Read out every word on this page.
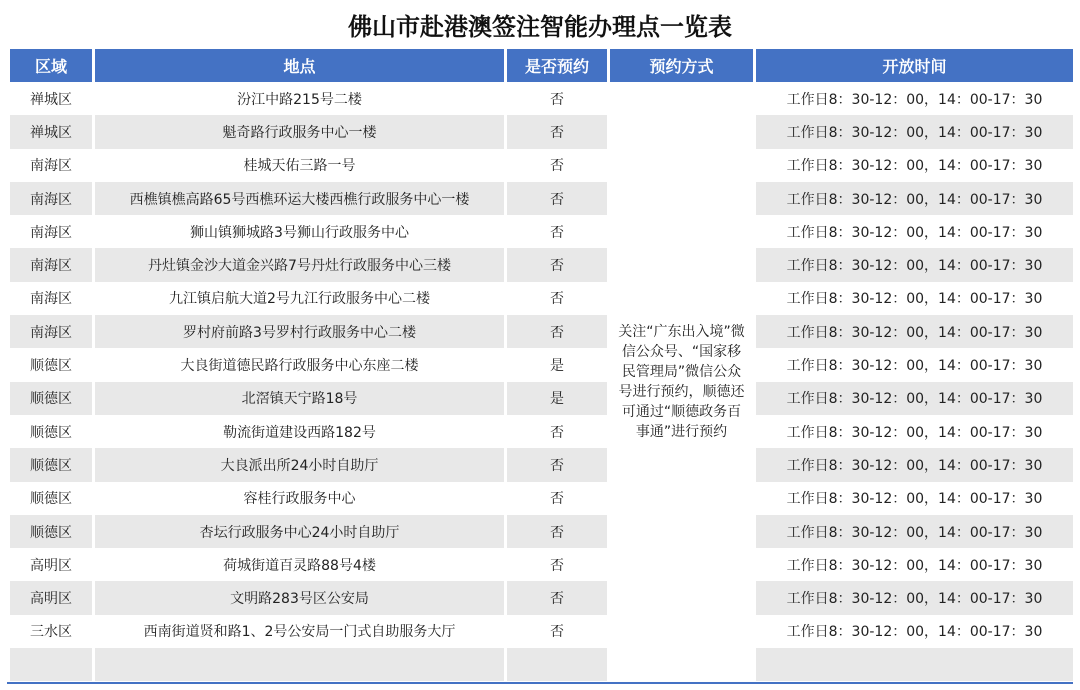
佛山市赴港澳签注智能办理点一览表
区域	地点	是否预约	预约方式	开放时间
禅城区	汾江中路215号二楼	否	关注“广东出入境”微信公众号、“国家移民管理局”微信公众号进行预约，顺德还可通过“顺德政务百事通”进行预约	工作日8：30-12：00，14：00-17：30
禅城区	魁奇路行政服务中心一楼	否		工作日8：30-12：00，14：00-17：30
南海区	桂城天佑三路一号	否		工作日8：30-12：00，14：00-17：30
南海区	西樵镇樵高路65号西樵环运大楼西樵行政服务中心一楼	否		工作日8：30-12：00，14：00-17：30
南海区	狮山镇狮城路3号狮山行政服务中心	否		工作日8：30-12：00，14：00-17：30
南海区	丹灶镇金沙大道金兴路7号丹灶行政服务中心三楼	否		工作日8：30-12：00，14：00-17：30
南海区	九江镇启航大道2号九江行政服务中心二楼	否		工作日8：30-12：00，14：00-17：30
南海区	罗村府前路3号罗村行政服务中心二楼	否		工作日8：30-12：00，14：00-17：30
顺德区	大良街道德民路行政服务中心东座二楼	是		工作日8：30-12：00，14：00-17：30
顺德区	北滘镇天宁路18号	是		工作日8：30-12：00，14：00-17：30
顺德区	勒流街道建设西路182号	否		工作日8：30-12：00，14：00-17：30
顺德区	大良派出所24小时自助厅	否		工作日8：30-12：00，14：00-17：30
顺德区	容桂行政服务中心	否		工作日8：30-12：00，14：00-17：30
顺德区	杏坛行政服务中心24小时自助厅	否		工作日8：30-12：00，14：00-17：30
高明区	荷城街道百灵路88号4楼	否		工作日8：30-12：00，14：00-17：30
高明区	文明路283号区公安局	否		工作日8：30-12：00，14：00-17：30
三水区	西南街道贤和路1、2号公安局一门式自助服务大厅	否		工作日8：30-12：00，14：00-17：30
